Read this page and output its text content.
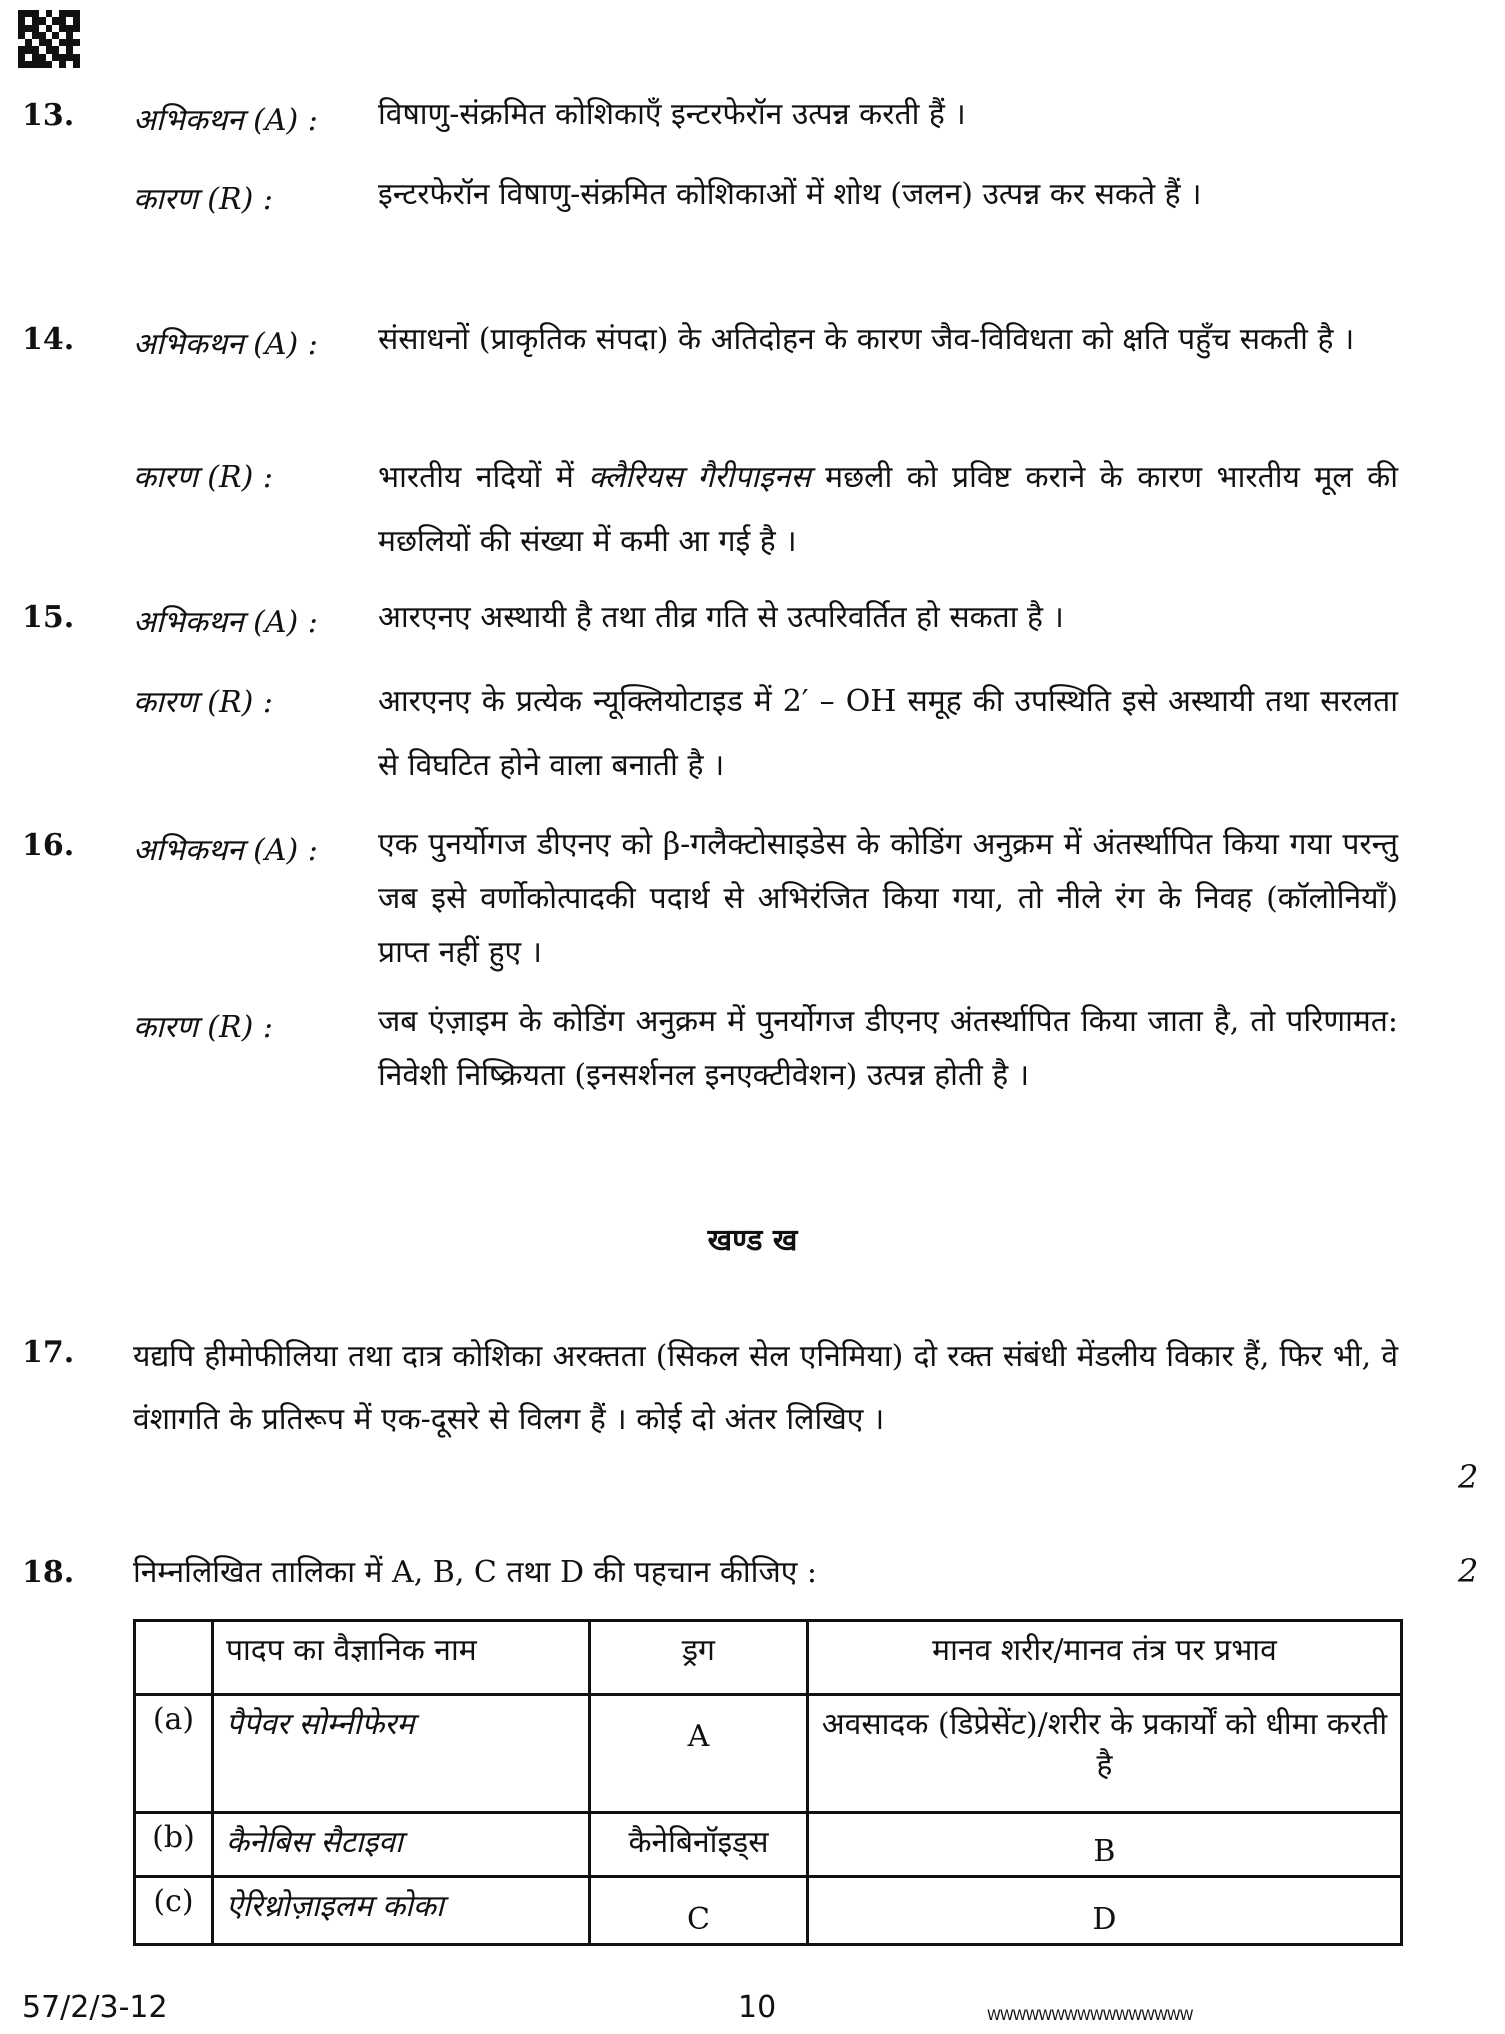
13. अभिकथन (A) : विषाणु-संक्रमित कोशिकाएँ इन्टरफेरॉन उत्पन्न करती हैं ।
कारण (R) :	इन्टरफेरॉन विषाणु-संक्रमित कोशिकाओं में शोथ (जलन) उत्पन्न कर सकते हैं ।
14. अभिकथन (A) : संसाधनों (प्राकृतिक संपदा) के अतिदोहन के कारण जैव-विविधता को क्षति पहुँच सकती है ।
कारण (R) :	भारतीय नदियों में क्लैरियस गैरीपाइनस मछली को प्रविष्ट कराने के कारण भारतीय मूल की मछलियों की संख्या में कमी आ गई है ।
15. अभिकथन (A) : आरएनए अस्थायी है तथा तीव्र गति से उत्परिवर्तित हो सकता है ।
कारण (R) :	आरएनए के प्रत्येक न्यूक्लियोटाइड में 2′ – OH समूह की उपस्थिति इसे अस्थायी तथा सरलता से विघटित होने वाला बनाती है ।
16. अभिकथन (A) : एक पुनर्योगज डीएनए को β-गलैक्टोसाइडेस के कोडिंग अनुक्रम में अंतर्स्थापित किया गया परन्तु जब इसे वर्णोकोत्पादकी पदार्थ से अभिरंजित किया गया, तो नीले रंग के निवह (कॉलोनियाँ) प्राप्त नहीं हुए ।
कारण (R) :	जब एंज़ाइम के कोडिंग अनुक्रम में पुनर्योगज डीएनए अंतर्स्थापित किया जाता है, तो परिणामत: निवेशी निष्क्रियता (इनसर्शनल इनएक्टीवेशन) उत्पन्न होती है ।
खण्ड ख
17. यद्यपि हीमोफीलिया तथा दात्र कोशिका अरक्तता (सिकल सेल एनिमिया) दो रक्त संबंधी मेंडलीय विकार हैं, फिर भी, वे वंशागति के प्रतिरूप में एक-दूसरे से विलग हैं । कोई दो अंतर लिखिए ।
2
18. निम्नलिखित तालिका में A, B, C तथा D की पहचान कीजिए :	2
	पादप का वैज्ञानिक नाम	ड्रग	मानव शरीर/मानव तंत्र पर प्रभाव
(a)	पैपेवर सोम्नीफेरम	A	अवसादक (डिप्रेसेंट)/शरीर के प्रकार्यों को धीमा करती है
(b)	कैनेबिस सैटाइवा	कैनेबिनॉइड्स	B
(c)	ऐरिथ्रोज़ाइलम कोका	C	D
57/2/3-12	10	WWWWWWWWWWWWWWWW
